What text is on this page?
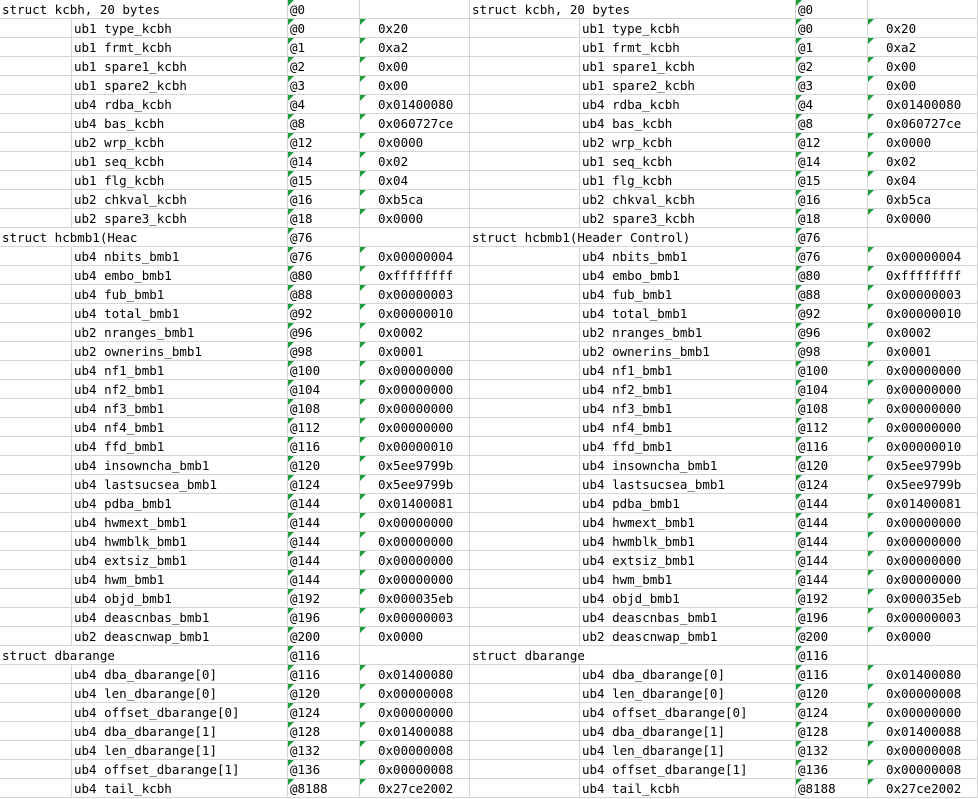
struct kcbh, 20 bytes	@0	struct kcbh, 20 bytes	@0
ub1 type_kcbh	@0	0x20	ub1 type_kcbh	@0	0x20
ub1 frmt_kcbh	@1	0xa2	ub1 frmt_kcbh	@1	0xa2
ub1 spare1_kcbh	@2	0x00	ub1 spare1_kcbh	@2	0x00
ub1 spare2_kcbh	@3	0x00	ub1 spare2_kcbh	@3	0x00
ub4 rdba_kcbh	@4	0x01400080	ub4 rdba_kcbh	@4	0x01400080
ub4 bas_kcbh	@8	0x060727ce	ub4 bas_kcbh	@8	0x060727ce
ub2 wrp_kcbh	@12	0x0000	ub2 wrp_kcbh	@12	0x0000
ub1 seq_kcbh	@14	0x02	ub1 seq_kcbh	@14	0x02
ub1 flg_kcbh	@15	0x04	ub1 flg_kcbh	@15	0x04
ub2 chkval_kcbh	@16	0xb5ca	ub2 chkval_kcbh	@16	0xb5ca
ub2 spare3_kcbh	@18	0x0000	ub2 spare3_kcbh	@18	0x0000
struct hcbmb1(Heac	@76	struct hcbmb1(Header Control)	@76
ub4 nbits_bmb1	@76	0x00000004	ub4 nbits_bmb1	@76	0x00000004
ub4 embo_bmb1	@80	0xffffffff	ub4 embo_bmb1	@80	0xffffffff
ub4 fub_bmb1	@88	0x00000003	ub4 fub_bmb1	@88	0x00000003
ub4 total_bmb1	@92	0x00000010	ub4 total_bmb1	@92	0x00000010
ub2 nranges_bmb1	@96	0x0002	ub2 nranges_bmb1	@96	0x0002
ub2 ownerins_bmb1	@98	0x0001	ub2 ownerins_bmb1	@98	0x0001
ub4 nf1_bmb1	@100	0x00000000	ub4 nf1_bmb1	@100	0x00000000
ub4 nf2_bmb1	@104	0x00000000	ub4 nf2_bmb1	@104	0x00000000
ub4 nf3_bmb1	@108	0x00000000	ub4 nf3_bmb1	@108	0x00000000
ub4 nf4_bmb1	@112	0x00000000	ub4 nf4_bmb1	@112	0x00000000
ub4 ffd_bmb1	@116	0x00000010	ub4 ffd_bmb1	@116	0x00000010
ub4 insowncha_bmb1	@120	0x5ee9799b	ub4 insowncha_bmb1	@120	0x5ee9799b
ub4 lastsucsea_bmb1	@124	0x5ee9799b	ub4 lastsucsea_bmb1	@124	0x5ee9799b
ub4 pdba_bmb1	@144	0x01400081	ub4 pdba_bmb1	@144	0x01400081
ub4 hwmext_bmb1	@144	0x00000000	ub4 hwmext_bmb1	@144	0x00000000
ub4 hwmblk_bmb1	@144	0x00000000	ub4 hwmblk_bmb1	@144	0x00000000
ub4 extsiz_bmb1	@144	0x00000000	ub4 extsiz_bmb1	@144	0x00000000
ub4 hwm_bmb1	@144	0x00000000	ub4 hwm_bmb1	@144	0x00000000
ub4 objd_bmb1	@192	0x000035eb	ub4 objd_bmb1	@192	0x000035eb
ub4 deascnbas_bmb1	@196	0x00000003	ub4 deascnbas_bmb1	@196	0x00000003
ub2 deascnwap_bmb1	@200	0x0000	ub2 deascnwap_bmb1	@200	0x0000
struct dbarange	@116	struct dbarange	@116
ub4 dba_dbarange[0]	@116	0x01400080	ub4 dba_dbarange[0]	@116	0x01400080
ub4 len_dbarange[0]	@120	0x00000008	ub4 len_dbarange[0]	@120	0x00000008
ub4 offset_dbarange[0]	@124	0x00000000	ub4 offset_dbarange[0]	@124	0x00000000
ub4 dba_dbarange[1]	@128	0x01400088	ub4 dba_dbarange[1]	@128	0x01400088
ub4 len_dbarange[1]	@132	0x00000008	ub4 len_dbarange[1]	@132	0x00000008
ub4 offset_dbarange[1]	@136	0x00000008	ub4 offset_dbarange[1]	@136	0x00000008
ub4 tail_kcbh	@8188	0x27ce2002	ub4 tail_kcbh	@8188	0x27ce2002
